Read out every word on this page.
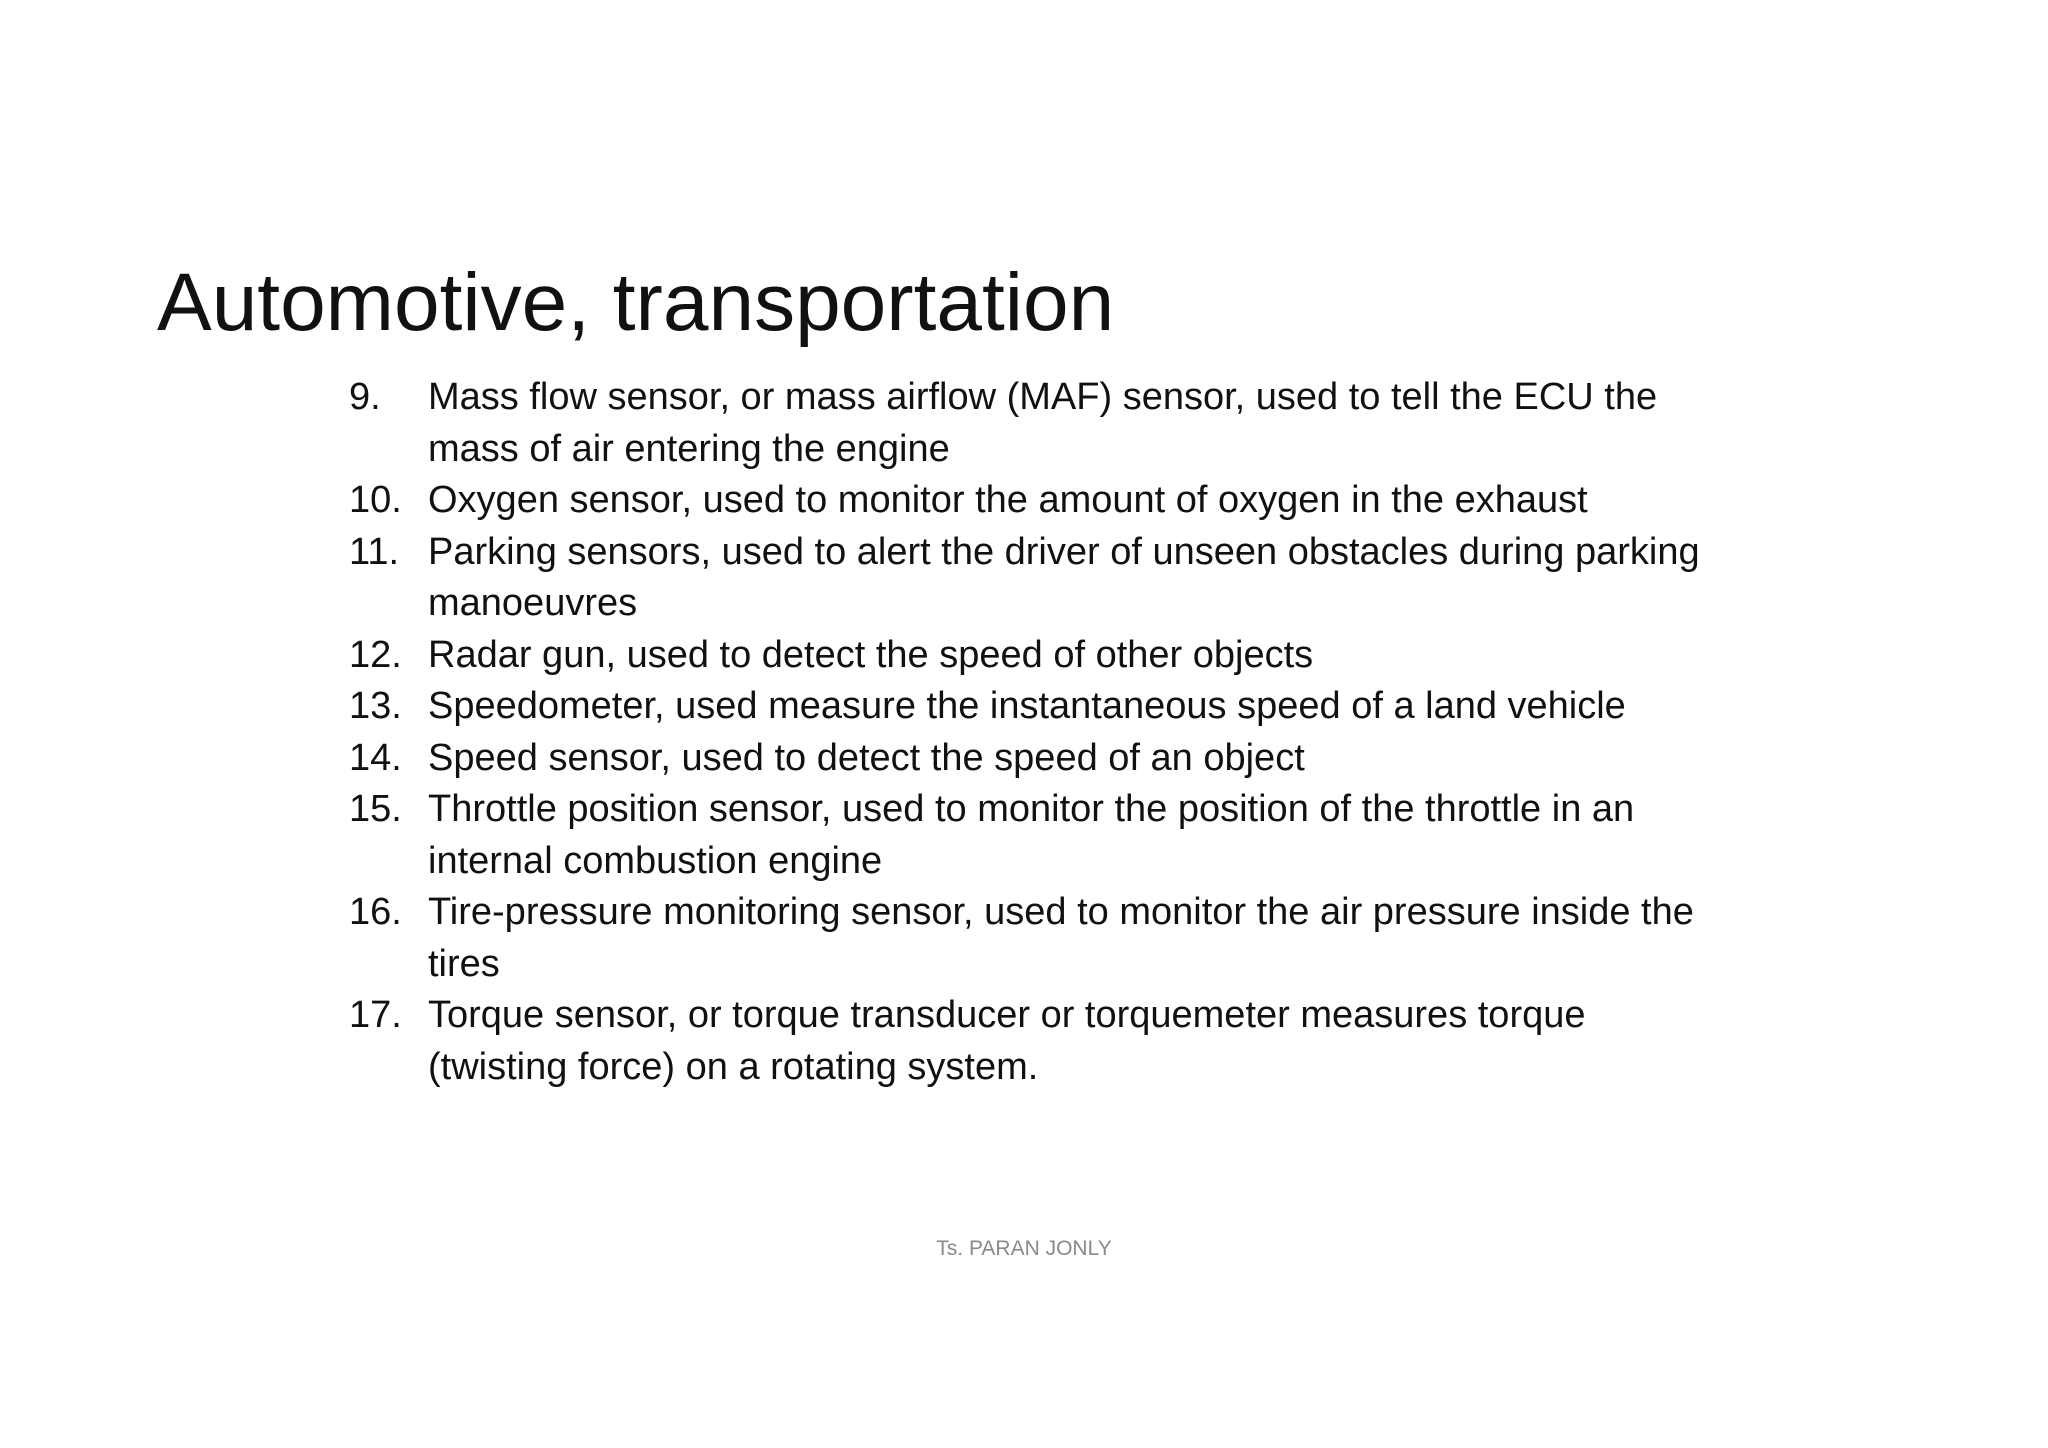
Automotive, transportation
9.	Mass flow sensor, or mass airflow (MAF) sensor, used to tell the ECU the mass of air entering the engine
10. Oxygen sensor, used to monitor the amount of oxygen in the exhaust
11. Parking sensors, used to alert the driver of unseen obstacles during parking manoeuvres
12. Radar gun, used to detect the speed of other objects
13. Speedometer, used measure the instantaneous speed of a land vehicle
14. Speed sensor, used to detect the speed of an object
15. Throttle position sensor, used to monitor the position of the throttle in an internal combustion engine
16. Tire-pressure monitoring sensor, used to monitor the air pressure inside the tires
17. Torque sensor, or torque transducer or torquemeter measures torque (twisting force) on a rotating system.
Ts. PARAN JONLY
